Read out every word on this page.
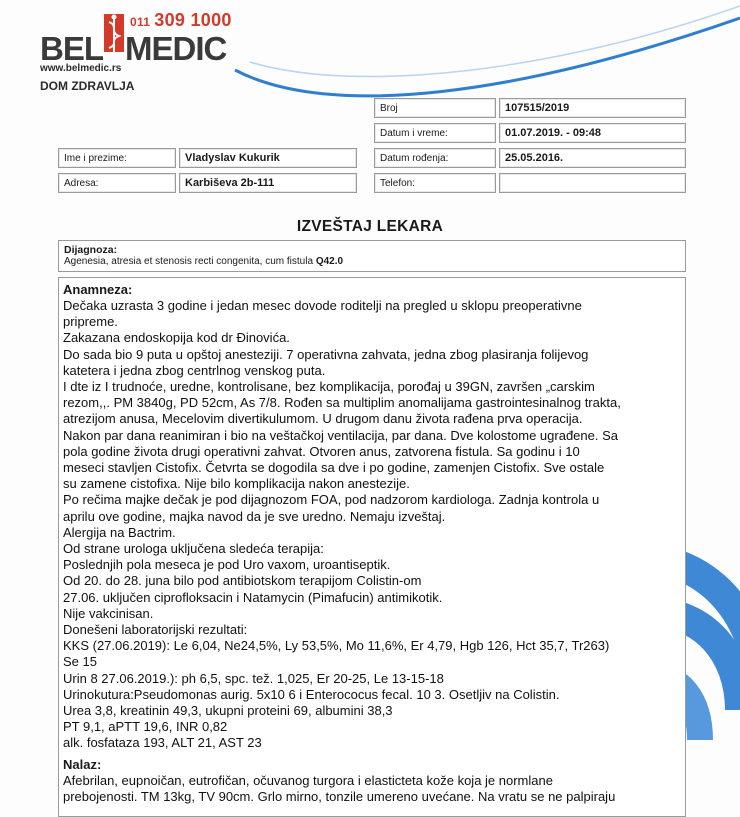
011 309 1000
BEL MEDIC
www.belmedic.rs
DOM ZDRAVLJA
Broj	107515/2019
Datum i vreme:	01.07.2019. - 09:48
Ime i prezime:	Vladyslav Kukurik	Datum rođenja:	25.05.2016.
Adresa:	Karbiševa 2b-111	Telefon:
IZVEŠTAJ LEKARA
Dijagnoza:
Agenesia, atresia et stenosis recti congenita, cum fistula Q42.0
Anamneza:
Dečaka uzrasta 3 godine i jedan mesec dovode roditelji na pregled u sklopu preoperativne
pripreme.
Zakazana endoskopija kod dr Đinovića.
Do sada bio 9 puta u opštoj anesteziji. 7 operativna zahvata, jedna zbog plasiranja folijevog
katetera i jedna zbog centrlnog venskog puta.
I dte iz I trudnoće, uredne, kontrolisane, bez komplikacija, porođaj u 39GN, završen „carskim
rezom,,. PM 3840g, PD 52cm, As 7/8. Rođen sa multiplim anomalijama gastrointesinalnog trakta,
atrezijom anusa, Mecelovim divertikulumom. U drugom danu života rađena prva operacija.
Nakon par dana reanimiran i bio na veštačkoj ventilacija, par dana. Dve kolostome ugrađene. Sa
pola godine života drugi operativni zahvat. Otvoren anus, zatvorena fistula. Sa godinu i 10
meseci stavljen Cistofix. Četvrta se dogodila sa dve i po godine, zamenjen Cistofix. Sve ostale
su zamene cistofixa. Nije bilo komplikacija nakon anestezije.
Po rečima majke dečak je pod dijagnozom FOA, pod nadzorom kardiologa. Zadnja kontrola u
aprilu ove godine, majka navod da je sve uredno. Nemaju izveštaj.
Alergija na Bactrim.
Od strane urologa uključena sledeća terapija:
Poslednjih pola meseca je pod Uro vaxom, uroantiseptik.
Od 20. do 28. juna bilo pod antibiotskom terapijom Colistin-om
27.06. uključen ciprofloksacin i Natamycin (Pimafucin) antimikotik.
Nije vakcinisan.
Donešeni laboratorijski rezultati:
KKS (27.06.2019): Le 6,04, Ne24,5%, Ly 53,5%, Mo 11,6%, Er 4,79, Hgb 126, Hct 35,7, Tr263)
Se 15
Urin 8 27.06.2019.): ph 6,5, spc. tež. 1,025, Er 20-25, Le 13-15-18
Urinokutura:Pseudomonas aurig. 5x10 6 i Enterococus fecal. 10 3. Osetljiv na Colistin.
Urea 3,8, kreatinin 49,3, ukupni proteini 69, albumini 38,3
PT 9,1, aPTT 19,6, INR 0,82
alk. fosfataza 193, ALT 21, AST 23
Nalaz:
Afebrilan, eupnoičan, eutrofičan, očuvanog turgora i elasticteta kože koja je normlane
prebojenosti. TM 13kg, TV 90cm. Grlo mirno, tonzile umereno uvećane. Na vratu se ne palpiraju
